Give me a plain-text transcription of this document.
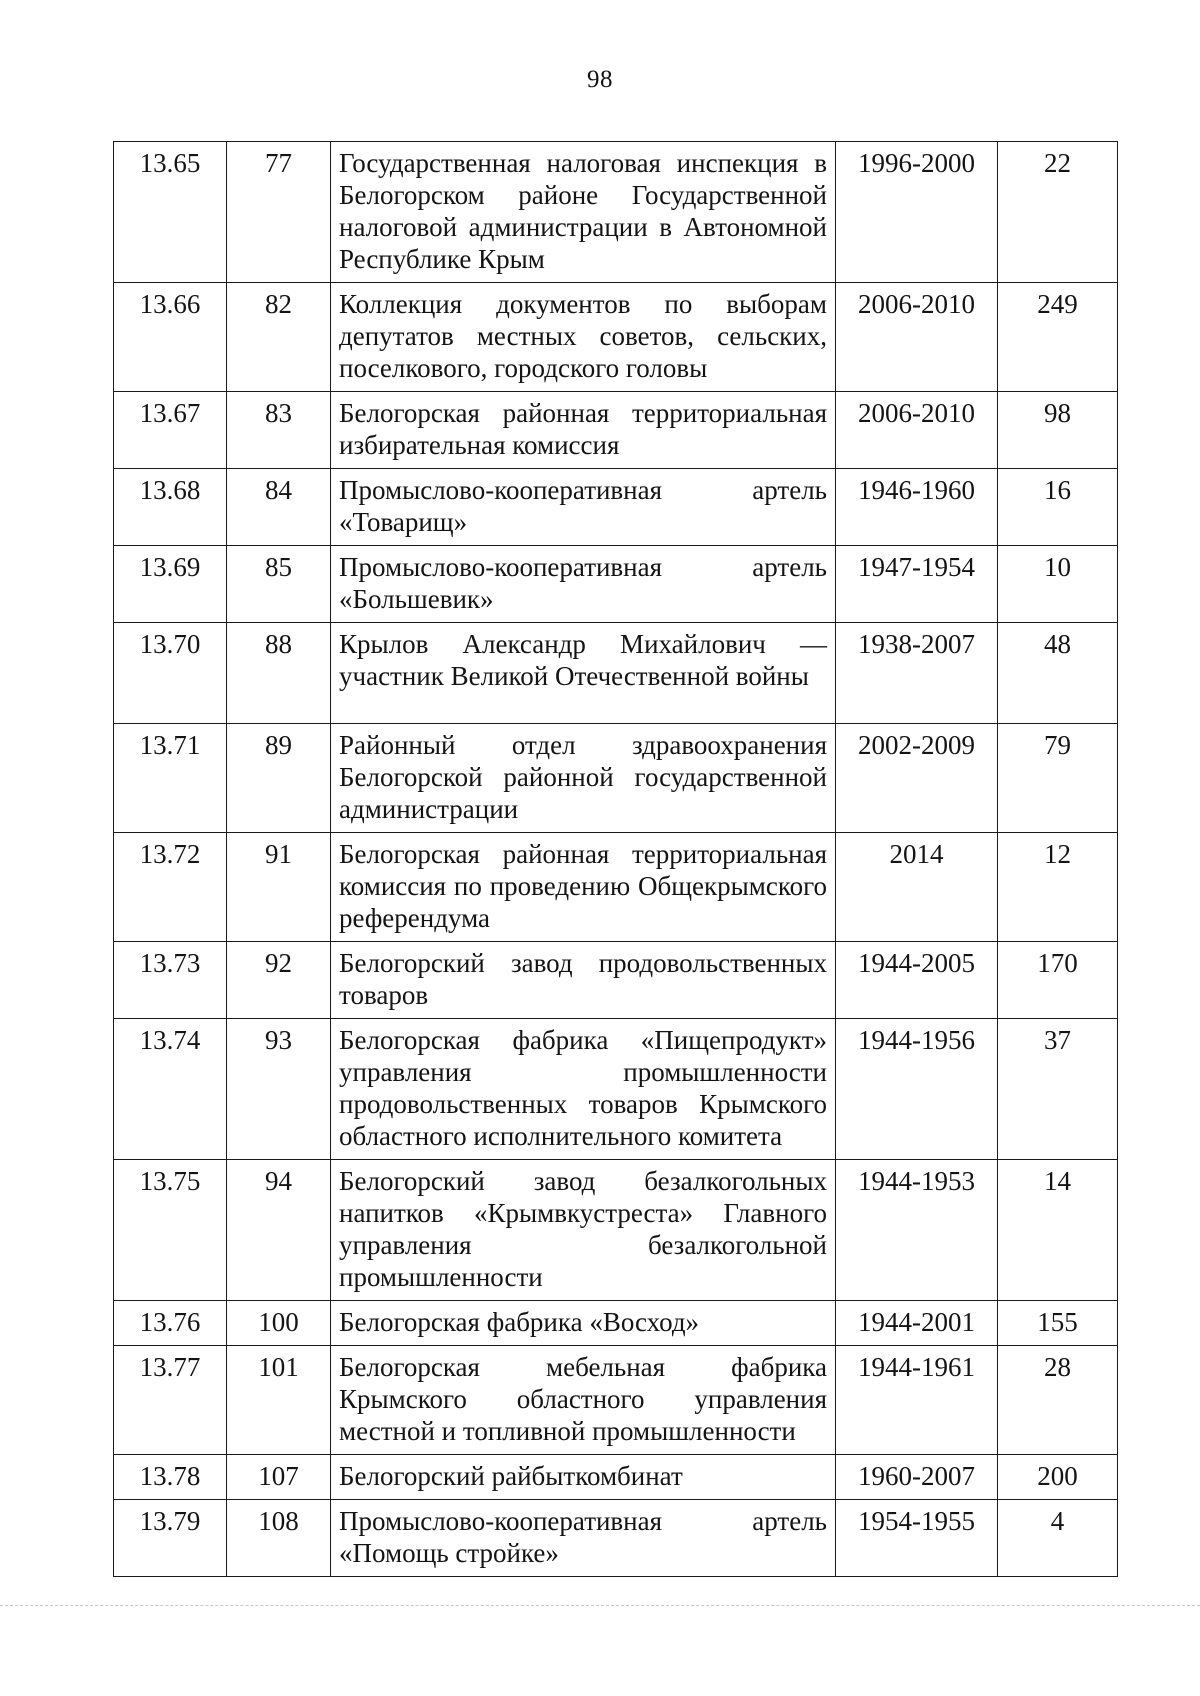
98
13.65	77	Государственная налоговая инспекция в Белогорском районе Государственной налоговой администрации в Автономной Республике Крым	1996-2000	22
13.66	82	Коллекция документов по выборам депутатов местных советов, сельских, поселкового, городского головы	2006-2010	249
13.67	83	Белогорская районная территориальная избирательная комиссия	2006-2010	98
13.68	84	Промыслово-кооперативная артель «Товарищ»	1946-1960	16
13.69	85	Промыслово-кооперативная артель «Большевик»	1947-1954	10
13.70	88	Крылов Александр Михайлович — участник Великой Отечественной войны	1938-2007	48
13.71	89	Районный отдел здравоохранения Белогорской районной государственной администрации	2002-2009	79
13.72	91	Белогорская районная территориальная комиссия по проведению Общекрымского референдума	2014	12
13.73	92	Белогорский завод продовольственных товаров	1944-2005	170
13.74	93	Белогорская фабрика «Пищепродукт» управления промышленности продовольственных товаров Крымского областного исполнительного комитета	1944-1956	37
13.75	94	Белогорский завод безалкогольных напитков «Крымвкустреста» Главного управления безалкогольной промышленности	1944-1953	14
13.76	100	Белогорская фабрика «Восход»	1944-2001	155
13.77	101	Белогорская мебельная фабрика Крымского областного управления местной и топливной промышленности	1944-1961	28
13.78	107	Белогорский райбыткомбинат	1960-2007	200
13.79	108	Промыслово-кооперативная артель «Помощь стройке»	1954-1955	4
